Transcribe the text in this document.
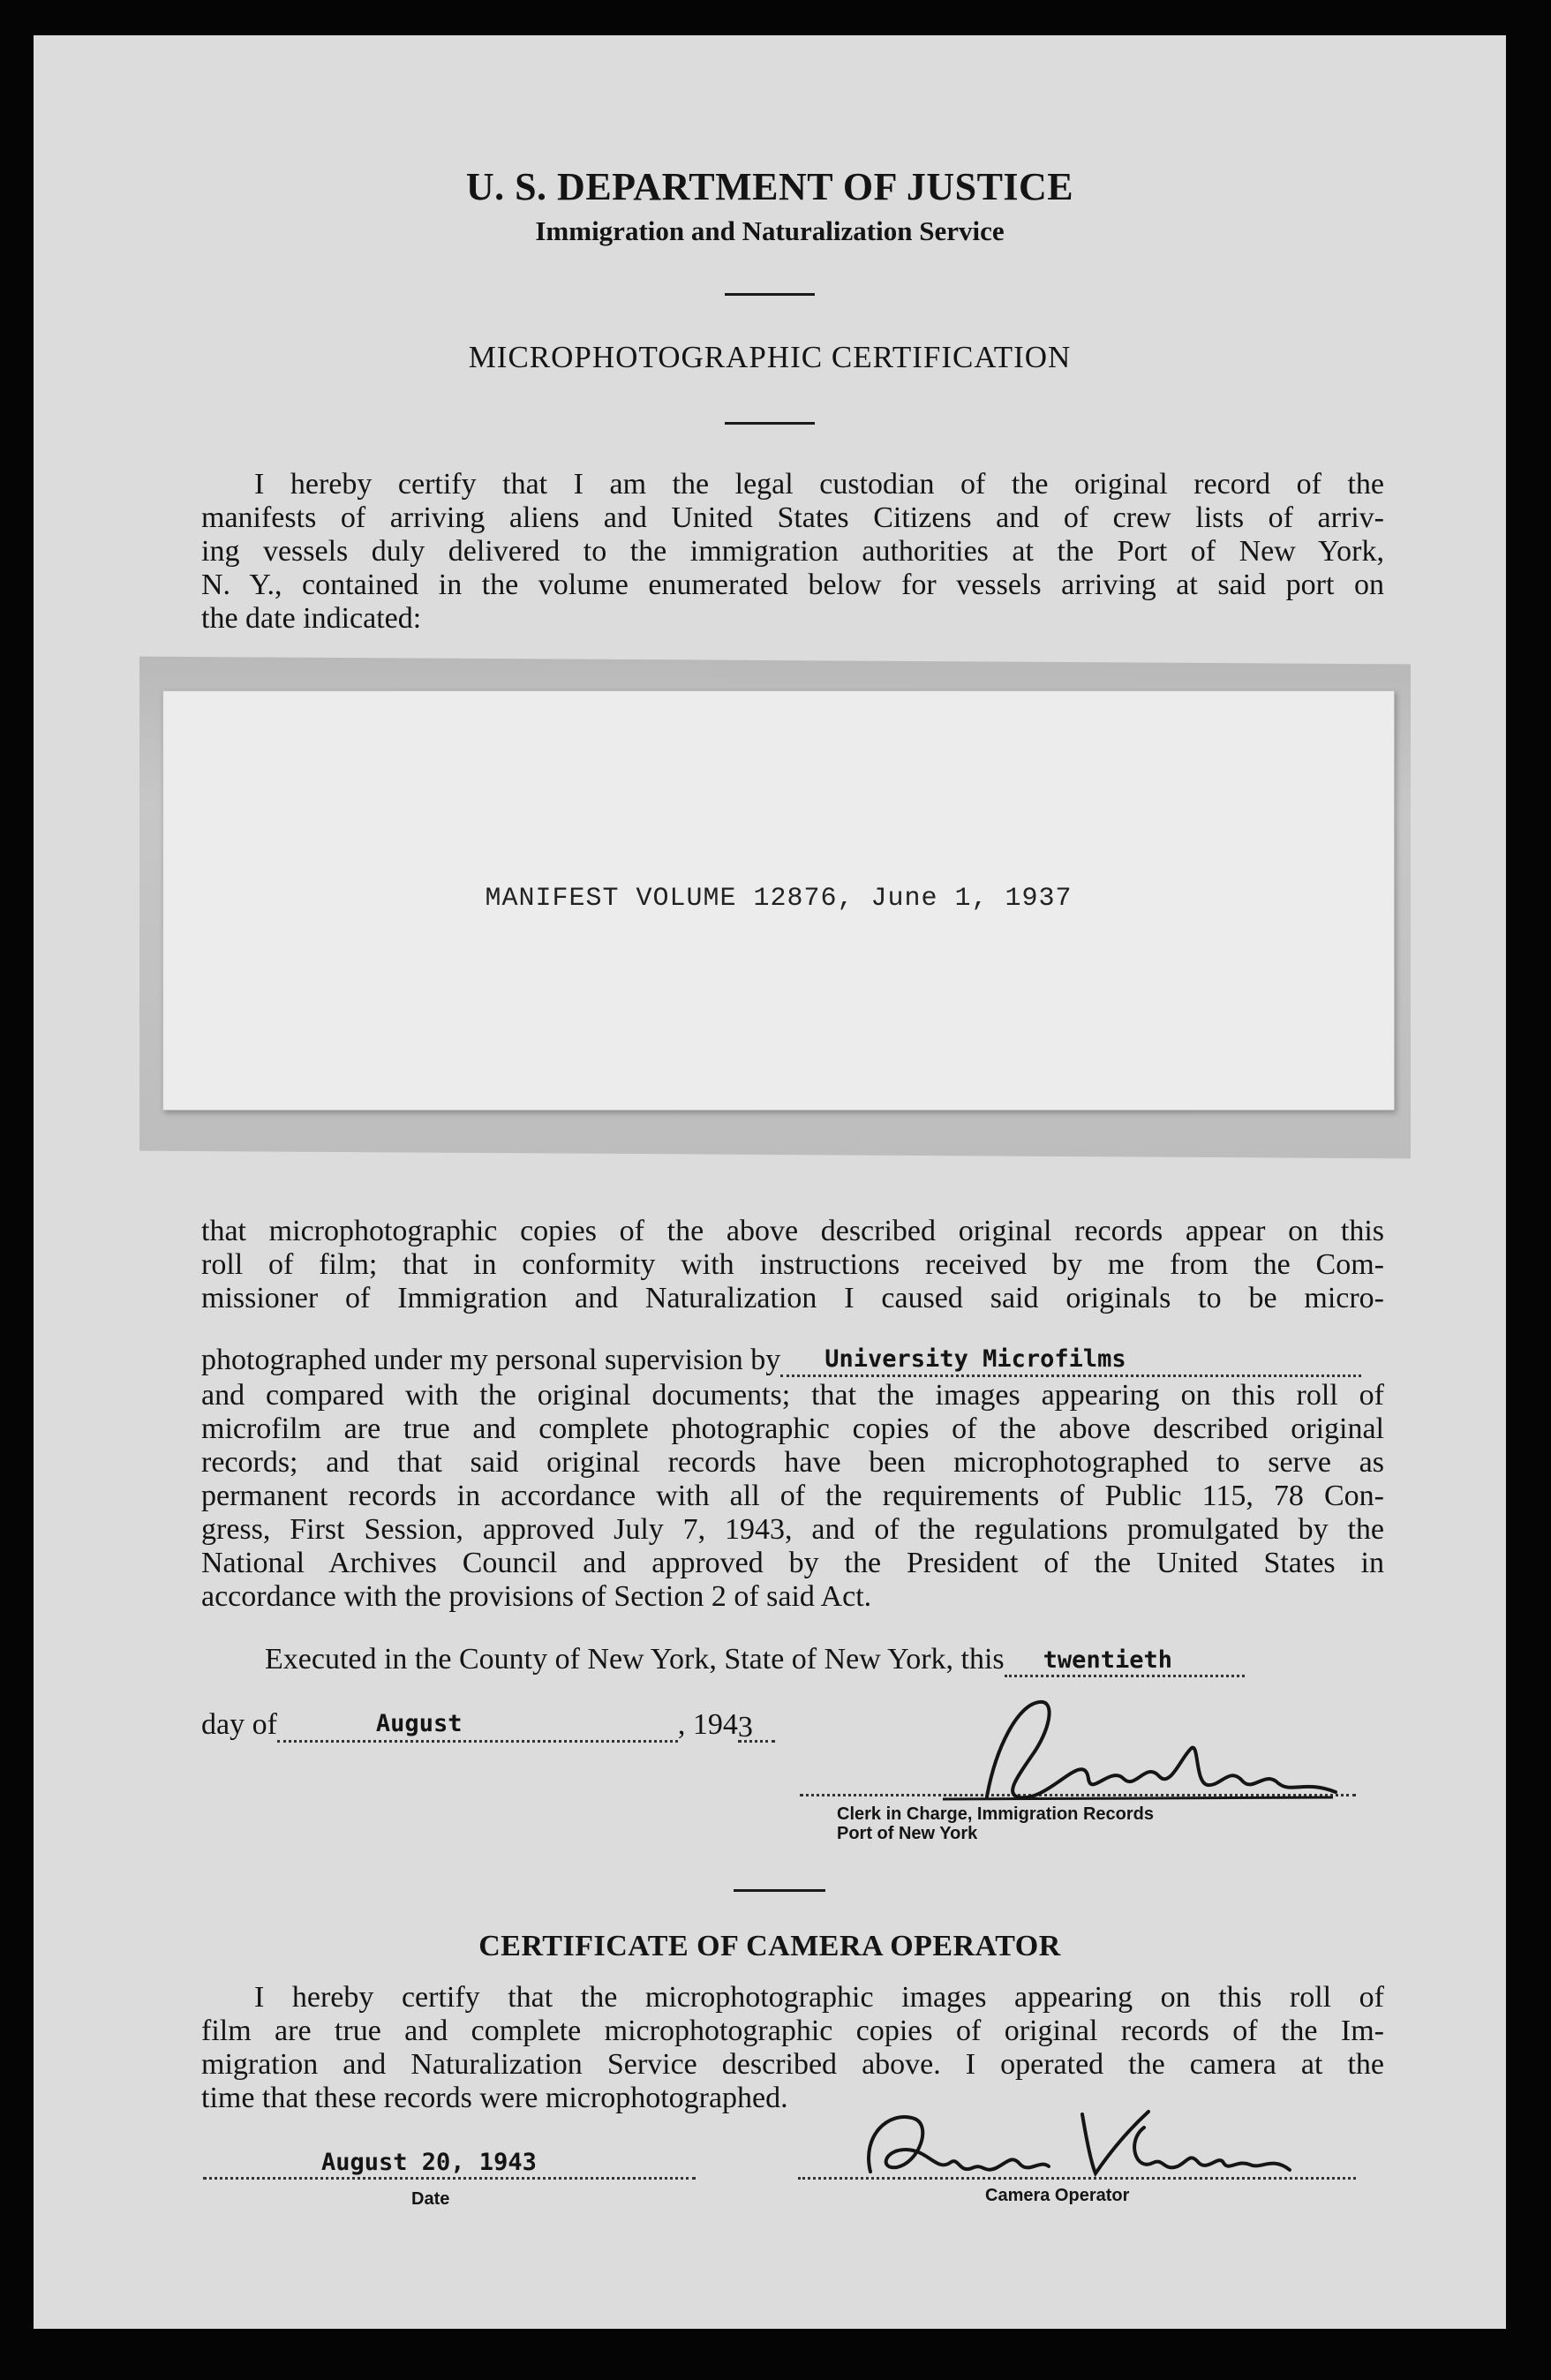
U. S. DEPARTMENT OF JUSTICE
Immigration and Naturalization Service
MICROPHOTOGRAPHIC CERTIFICATION
I hereby certify that I am the legal custodian of the original record of the
manifests of arriving aliens and United States Citizens and of crew lists of arriv-
ing vessels duly delivered to the immigration authorities at the Port of New York,
N. Y., contained in the volume enumerated below for vessels arriving at said port on
the date indicated:
MANIFEST VOLUME 12876, June 1, 1937
that microphotographic copies of the above described original records appear on this
roll of film; that in conformity with instructions received by me from the Com-
missioner of Immigration and Naturalization I caused said originals to be micro-
photographed under my personal supervision by University Microfilms
and compared with the original documents; that the images appearing on this roll of
microfilm are true and complete photographic copies of the above described original
records; and that said original records have been microphotographed to serve as
permanent records in accordance with all of the requirements of Public 115, 78 Con-
gress, First Session, approved July 7, 1943, and of the regulations promulgated by the
National Archives Council and approved by the President of the United States in
accordance with the provisions of Section 2 of said Act.
Executed in the County of New York, State of New York, this twentieth
day of	August	, 194 3
Clerk in Charge, Immigration Records
Port of New York
CERTIFICATE OF CAMERA OPERATOR
I hereby certify that the microphotographic images appearing on this roll of
film are true and complete microphotographic copies of original records of the Im-
migration and Naturalization Service described above. I operated the camera at the
time that these records were microphotographed.
August 20, 1943
Date	Camera Operator
